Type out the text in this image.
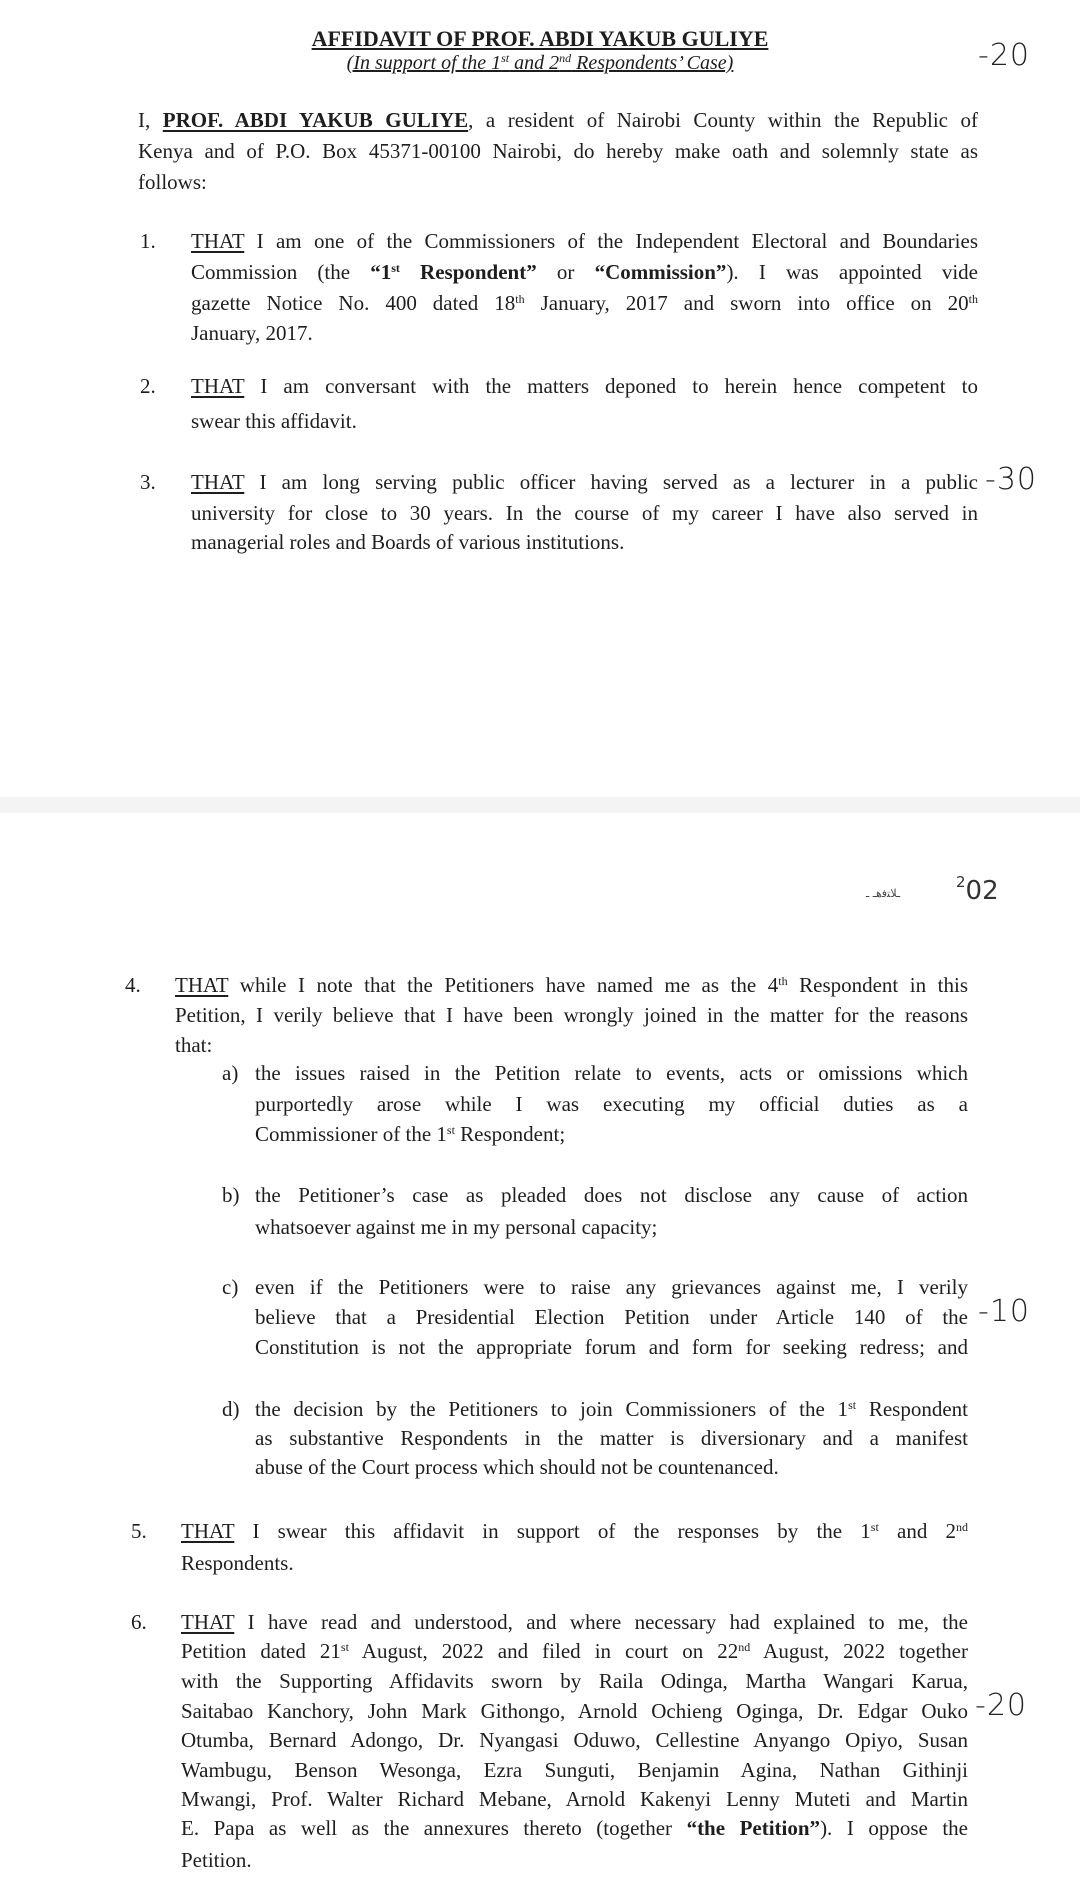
AFFIDAVIT OF PROF. ABDI YAKUB GULIYE
(In support of the 1st and 2nd Respondents’ Case)	-20
I, PROF. ABDI YAKUB GULIYE, a resident of Nairobi County within the Republic of
Kenya and of P.O. Box 45371-00100 Nairobi, do hereby make oath and solemnly state as
follows:
1. THAT I am one of the Commissioners of the Independent Electoral and Boundaries
Commission (the “1st Respondent” or “Commission”). I was appointed vide
gazette Notice No. 400 dated 18th January, 2017 and sworn into office on 20th
January, 2017.
2. THAT I am conversant with the matters deponed to herein hence competent to
swear this affidavit.
3. THAT I am long serving public officer having served as a lecturer in a public -30
university for close to 30 years. In the course of my career I have also served in
managerial roles and Boards of various institutions.
ـﻼﺘﻓﻫـ ـ
$^2$02
4. THAT while I note that the Petitioners have named me as the 4th Respondent in this
Petition, I verily believe that I have been wrongly joined in the matter for the reasons
that:
a) the issues raised in the Petition relate to events, acts or omissions which
purportedly arose while I was executing my official duties as a
Commissioner of the 1st Respondent;
b) the Petitioner’s case as pleaded does not disclose any cause of action
whatsoever against me in my personal capacity;
c) even if the Petitioners were to raise any grievances against me, I verily
believe that a Presidential Election Petition under Article 140 of the -10
Constitution is not the appropriate forum and form for seeking redress; and
d) the decision by the Petitioners to join Commissioners of the 1st Respondent
as substantive Respondents in the matter is diversionary and a manifest
abuse of the Court process which should not be countenanced.
5. THAT I swear this affidavit in support of the responses by the 1st and 2nd
Respondents.
6. THAT I have read and understood, and where necessary had explained to me, the
Petition dated 21st August, 2022 and filed in court on 22nd August, 2022 together
with the Supporting Affidavits sworn by Raila Odinga, Martha Wangari Karua,
Saitabao Kanchory, John Mark Githongo, Arnold Ochieng Oginga, Dr. Edgar Ouko -20
Otumba, Bernard Adongo, Dr. Nyangasi Oduwo, Cellestine Anyango Opiyo, Susan
Wambugu, Benson Wesonga, Ezra Sunguti, Benjamin Agina, Nathan Githinji
Mwangi, Prof. Walter Richard Mebane, Arnold Kakenyi Lenny Muteti and Martin
E. Papa as well as the annexures thereto (together “the Petition”). I oppose the
Petition.
